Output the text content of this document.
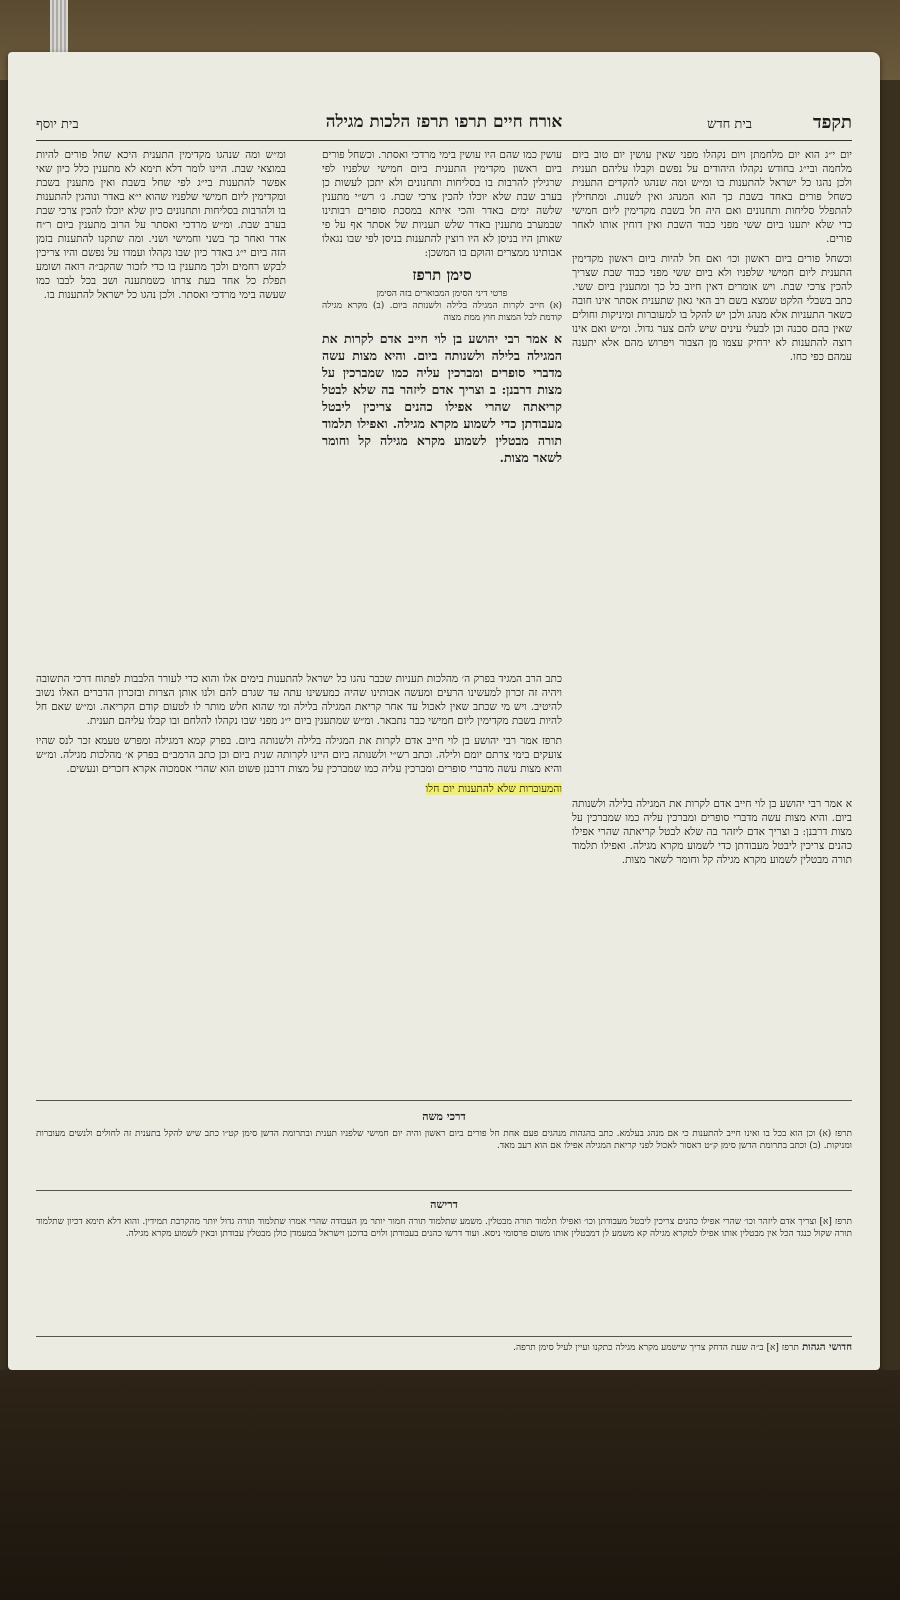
תקפד
בית חדש
אורח חיים תרפו תרפז הלכות מגילה
בית יוסף

יום י״ג הוא יום מלחמתן ויום נקהלו מפני שאין עושין יום טוב ביום מלחמה ובי״ג בחודש נקהלו היהודים על נפשם וקבלו עליהם תענית ולכן נהגו כל ישראל להתענות בו ומ״ש ומה שנהגו להקדים התענית כשחל פורים באחד בשבת כך הוא המנהג ואין לשנות. ומתחילין להתפלל סליחות ותחנונים ואם היה חל בשבת מקדימין ליום חמישי כדי שלא יתענו ביום ששי מפני כבוד השבת ואין דוחין אותו לאחר פורים.

וכשחל פורים ביום ראשון וכו׳ ואם חל להיות ביום ראשון מקדימין התענית ליום חמישי שלפניו ולא ביום ששי מפני כבוד שבת שצריך להכין צרכי שבת. ויש אומרים דאין חיוב כל כך ומתענין ביום ששי. כתב בשבלי הלקט שמצא בשם רב האי גאון שתענית אסתר אינו חובה כשאר התעניות אלא מנהג ולכן יש להקל בו למעוברות ומיניקות וחולים שאין בהם סכנה וכן לבעלי עינים שיש להם צער גדול. ומ״ש ואם אינו רוצה להתענות לא ירחיק עצמו מן הצבור ויפרוש מהם אלא יתענה עמהם כפי כחו.

עושין כמו שהם היו עושין בימי מרדכי ואסתר. וכשחל פורים ביום ראשון מקדימין התענית ביום חמישי שלפניו לפי שרגילין להרבות בו בסליחות ותחנונים ולא יתכן לעשות כן בערב שבת שלא יוכלו להכין צרכי שבת. ג׳ רש״י מתענין שלשה ימים באדר והכי איתא במסכת סופרים רבותינו שבמערב מתענין באדר שלש תעניות של אסתר אף על פי שאותן היו בניסן לא היו רוצין להתענות בניסן לפי שבו נגאלו אבותינו ממצרים והוקם בו המשכן:

סימן תרפז
פרטי דיני הסימן המבוארים בזה הסימן

(א) חייב לקרות המגילה בלילה ולשנותה ביום. (ב) מקרא מגילה קודמת לכל המצות חוץ ממת מצוה

א אמר רבי יהושע בן לוי חייב אדם לקרות את המגילה בלילה ולשנותה ביום. והיא מצות עשה מדברי סופרים ומברכין עליה כמו שמברכין על מצות דרבנן: ב וצריך אדם ליזהר בה שלא לבטל קריאתה שהרי אפילו כהנים צריכין ליבטל מעבודתן כדי לשמוע מקרא מגילה. ואפילו תלמוד תורה מבטלין לשמוע מקרא מגילה קל וחומר לשאר מצות.

ומ״ש ומה שנהגו מקדימין התענית היכא שחל פורים להיות במוצאי שבת. היינו לומר דלא תימא לא מתענין כלל כיון שאי אפשר להתענות בי״ג לפי שחל בשבת ואין מתענין בשבת ומקדימין ליום חמישי שלפניו שהוא י״א באדר ונוהגין להתענות בו ולהרבות בסליחות ותחנונים כיון שלא יוכלו להכין צרכי שבת בערב שבת. ומ״ש מרדכי ואסתר על הרוב מתענין ביום ר״ח אדר ואחר כך בשני וחמישי ושני. ומה שתקנו להתענות בזמן הזה ביום י״ג באדר כיון שבו נקהלו ועמדו על נפשם והיו צריכין לבקש רחמים ולכך מתענין בו כדי לזכור שהקב״ה רואה ושומע תפלת כל אחד בעת צרתו כשמתענה ושב בכל לבבו כמו שעשה בימי מרדכי ואסתר. ולכן נהגו כל ישראל להתענות בו.

כתב הרב המגיד בפרק ה׳ מהלכות תעניות שכבר נהגו כל ישראל להתענות בימים אלו והוא כדי לעורר הלבבות לפתוח דרכי התשובה ויהיה זה זכרון למעשינו הרעים ומעשה אבותינו שהיה כמעשינו עתה עד שגרם להם ולנו אותן הצרות ובזכרון הדברים האלו נשוב להיטיב. ויש מי שכתב שאין לאכול עד אחר קריאת המגילה בלילה ומי שהוא חלש מותר לו לטעום קודם הקריאה. ומ״ש שאם חל להיות בשבת מקדימין ליום חמישי כבר נתבאר. ומ״ש שמתענין ביום י״ג מפני שבו נקהלו להלחם ובו קבלו עליהם תענית.

תרפז אמר רבי יהושע בן לוי חייב אדם לקרות את המגילה בלילה ולשנותה ביום. בפרק קמא דמגילה ומפרש טעמא זכר לנס שהיו צועקים בימי צרתם יומם ולילה. וכתב רש״י ולשנותה ביום היינו לקרותה שנית ביום וכן כתב הרמב״ם בפרק א׳ מהלכות מגילה. ומ״ש והיא מצות עשה מדברי סופרים ומברכין עליה כמו שמברכין על מצות דרבנן פשוט הוא שהרי אסמכוה אקרא דזכרים ונעשים.

והמעוברות שלא להתענות יום חלו

א אמר רבי יהושע בן לוי חייב אדם לקרות את המגילה בלילה ולשנותה ביום. והיא מצות עשה מדברי סופרים ומברכין עליה כמו שמברכין על מצות דרבנן: ב וצריך אדם ליזהר בה שלא לבטל קריאתה שהרי אפילו כהנים צריכין ליבטל מעבודתן כדי לשמוע מקרא מגילה. ואפילו תלמוד תורה מבטלין לשמוע מקרא מגילה קל וחומר לשאר מצות.

דרכי משה

תרפז (א) וכן הוא בכל בו ואינו חייב להתענות כי אם מנהג בעלמא. כתב בהגהות מנהגים פעם אחת חל פורים ביום ראשון והיה יום חמישי שלפניו תענית ובתרומת הדשן סימן קט״ו כתב שיש להקל בתענית זה לחולים ולנשים מעוברות ומניקות. (ב) וכתב בתרומת הדשן סימן ק״ט דאסור לאכול לפני קריאת המגילה אפילו אם הוא רעב מאד.

דרישה

תרפז [א] וצריך אדם ליזהר וכו׳ שהרי אפילו כהנים צריכין ליבטל מעבודתן וכו׳ ואפילו תלמוד תורה מבטלין. משמע שתלמוד תורה חמור יותר מן העבודה שהרי אמרו שתלמוד תורה גדול יותר מהקרבת תמידין. והוא דלא תימא דכיון שתלמוד תורה שקול כנגד הכל אין מבטלין אותו אפילו למקרא מגילה קא משמע לן דמבטלין אותו משום פרסומי ניסא. ועוד דרשו כהנים בעבודתן ולוים בדוכנן וישראל במעמדן כולן מבטלין עבודתן ובאין לשמוע מקרא מגילה.

חדושי הגהות תרפז [א] ב״ה שעת הדחק צריך שישמע מקרא מגילה כתקנו ועיין לעיל סימן תרפה.
